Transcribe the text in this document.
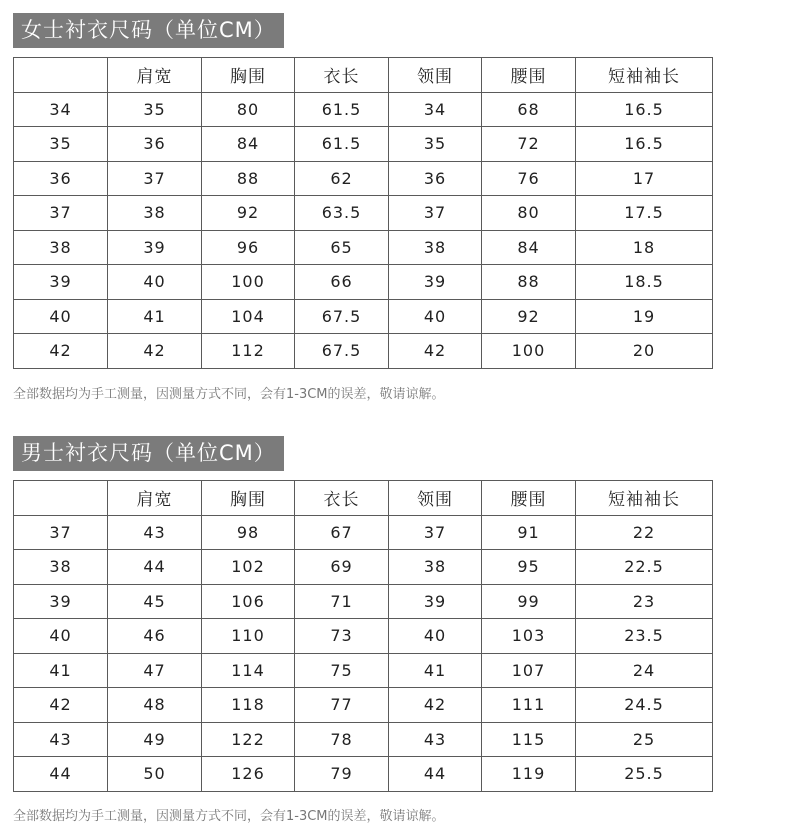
女士衬衣尺码（单位CM）
	肩宽	胸围	衣长	领围	腰围	短袖袖长
34	35	80	61.5	34	68	16.5
35	36	84	61.5	35	72	16.5
36	37	88	62	36	76	17
37	38	92	63.5	37	80	17.5
38	39	96	65	38	84	18
39	40	100	66	39	88	18.5
40	41	104	67.5	40	92	19
42	42	112	67.5	42	100	20
全部数据均为手工测量，因测量方式不同，会有1-3CM的误差，敬请谅解。
男士衬衣尺码（单位CM）
	肩宽	胸围	衣长	领围	腰围	短袖袖长
37	43	98	67	37	91	22
38	44	102	69	38	95	22.5
39	45	106	71	39	99	23
40	46	110	73	40	103	23.5
41	47	114	75	41	107	24
42	48	118	77	42	111	24.5
43	49	122	78	43	115	25
44	50	126	79	44	119	25.5
全部数据均为手工测量，因测量方式不同，会有1-3CM的误差，敬请谅解。
